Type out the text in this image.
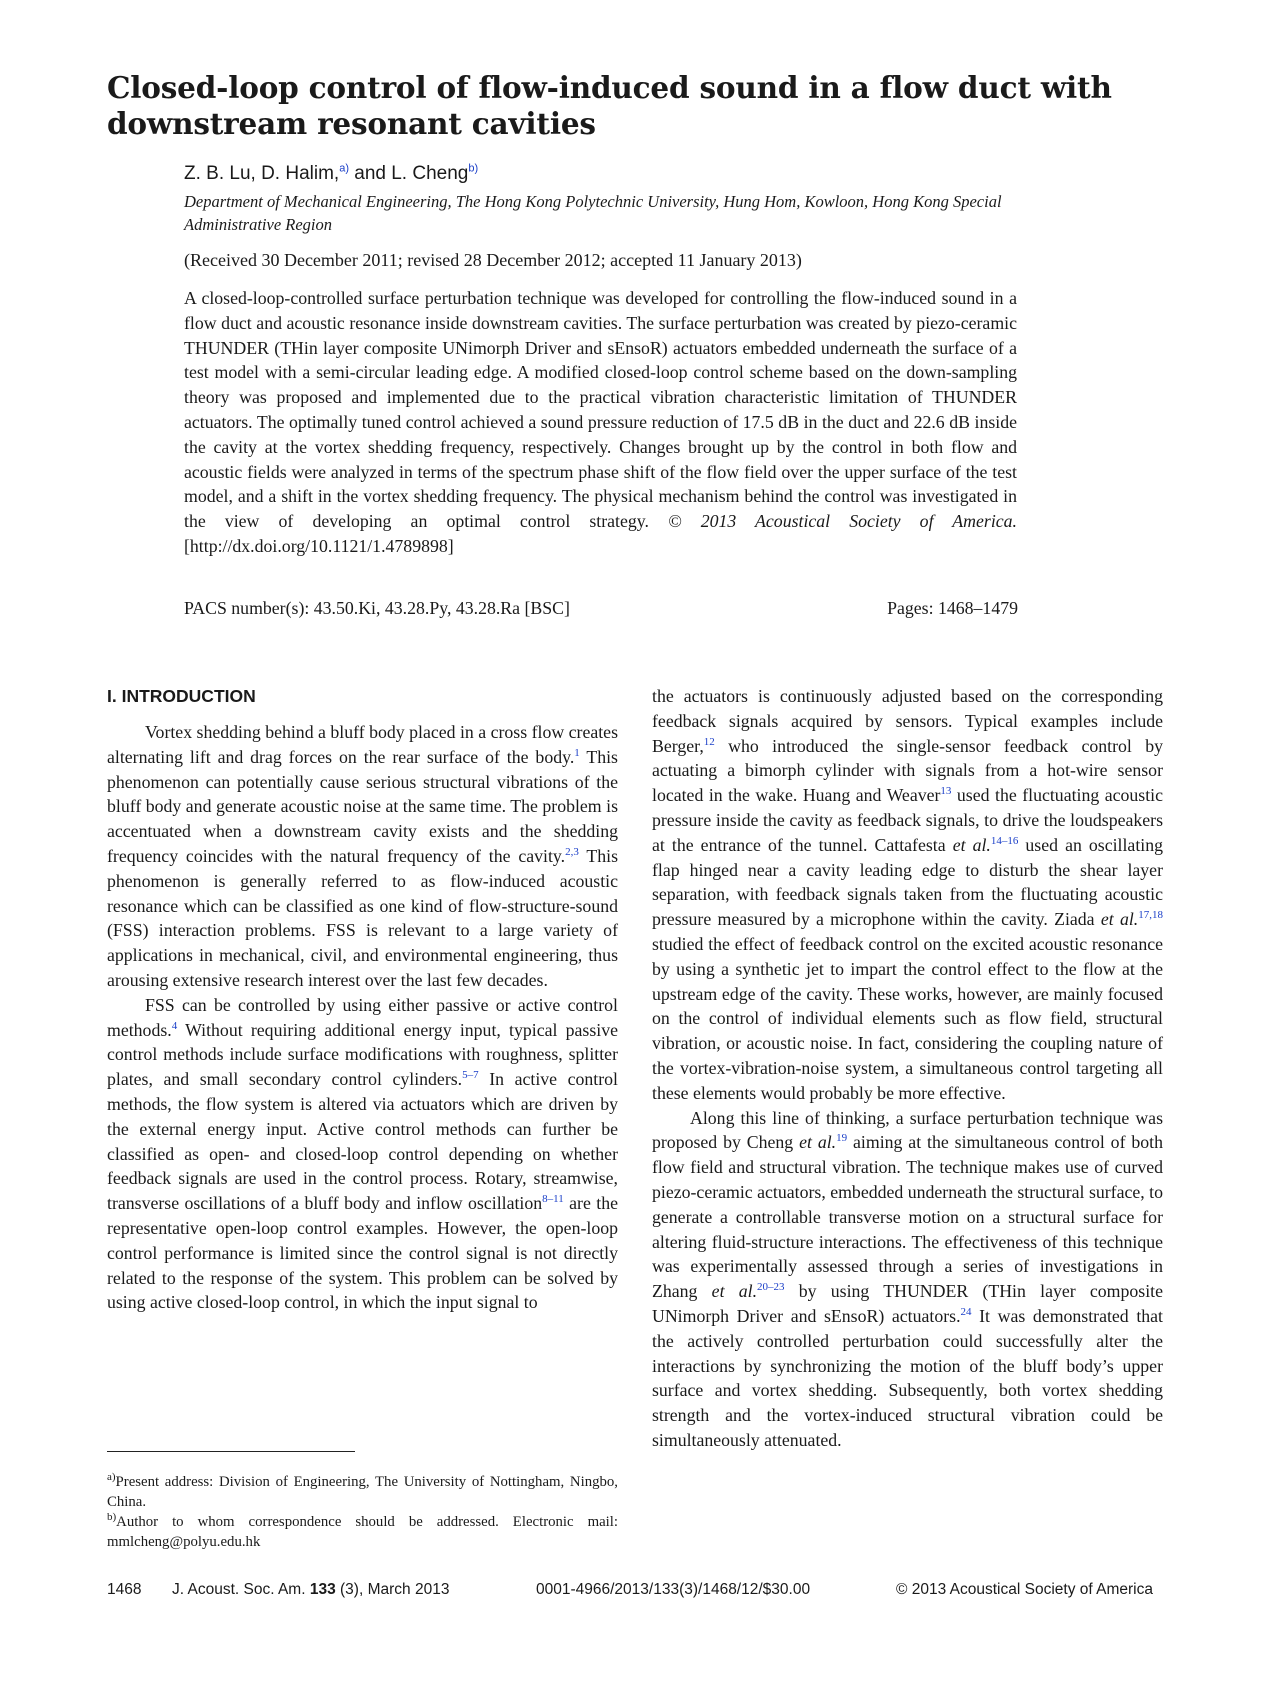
Closed-loop control of flow-induced sound in a flow duct with downstream resonant cavities
Z. B. Lu, D. Halim,$^{a)}$ and L. Cheng$^{b)}$
Department of Mechanical Engineering, The Hong Kong Polytechnic University, Hung Hom, Kowloon, Hong Kong Special Administrative Region
(Received 30 December 2011; revised 28 December 2012; accepted 11 January 2013)
A closed-loop-controlled surface perturbation technique was developed for controlling the flow-induced sound in a flow duct and acoustic resonance inside downstream cavities. The surface perturbation was created by piezo-ceramic THUNDER (THin layer composite UNimorph Driver and sEnsoR) actuators embedded underneath the surface of a test model with a semi-circular leading edge. A modified closed-loop control scheme based on the down-sampling theory was proposed and implemented due to the practical vibration characteristic limitation of THUNDER actuators. The optimally tuned control achieved a sound pressure reduction of 17.5 dB in the duct and 22.6 dB inside the cavity at the vortex shedding frequency, respectively. Changes brought up by the control in both flow and acoustic fields were analyzed in terms of the spectrum phase shift of the flow field over the upper surface of the test model, and a shift in the vortex shedding frequency. The physical mechanism behind the control was investigated in the view of developing an optimal control strategy. © 2013 Acoustical Society of America. [http://dx.doi.org/10.1121/1.4789898]
PACS number(s): 43.50.Ki, 43.28.Py, 43.28.Ra [BSC]	Pages: 1468–1479
I. INTRODUCTION

Vortex shedding behind a bluff body placed in a cross flow creates alternating lift and drag forces on the rear surface of the body.$^1$ This phenomenon can potentially cause serious structural vibrations of the bluff body and generate acoustic noise at the same time. The problem is accentuated when a downstream cavity exists and the shedding frequency coincides with the natural frequency of the cavity.$^{2,3}$ This phenomenon is generally referred to as flow-induced acoustic resonance which can be classified as one kind of flow-structure-sound (FSS) interaction problems. FSS is relevant to a large variety of applications in mechanical, civil, and environmental engineering, thus arousing extensive research interest over the last few decades.

FSS can be controlled by using either passive or active control methods.$^4$ Without requiring additional energy input, typical passive control methods include surface modifications with roughness, splitter plates, and small secondary control cylinders.$^{5-7}$ In active control methods, the flow system is altered via actuators which are driven by the external energy input. Active control methods can further be classified as open- and closed-loop control depending on whether feedback signals are used in the control process. Rotary, streamwise, transverse oscillations of a bluff body and inflow oscillation$^{8-11}$ are the representative open-loop control examples. However, the open-loop control performance is limited since the control signal is not directly related to the response of the system. This problem can be solved by using active closed-loop control, in which the input signal to

the actuators is continuously adjusted based on the corresponding feedback signals acquired by sensors. Typical examples include Berger,$^{12}$ who introduced the single-sensor feedback control by actuating a bimorph cylinder with signals from a hot-wire sensor located in the wake. Huang and Weaver$^{13}$ used the fluctuating acoustic pressure inside the cavity as feedback signals, to drive the loudspeakers at the entrance of the tunnel. Cattafesta et al.$^{14-16}$ used an oscillating flap hinged near a cavity leading edge to disturb the shear layer separation, with feedback signals taken from the fluctuating acoustic pressure measured by a microphone within the cavity. Ziada et al.$^{17,18}$ studied the effect of feedback control on the excited acoustic resonance by using a synthetic jet to impart the control effect to the flow at the upstream edge of the cavity. These works, however, are mainly focused on the control of individual elements such as flow field, structural vibration, or acoustic noise. In fact, considering the coupling nature of the vortex-vibration-noise system, a simultaneous control targeting all these elements would probably be more effective.

Along this line of thinking, a surface perturbation technique was proposed by Cheng et al.$^{19}$ aiming at the simultaneous control of both flow field and structural vibration. The technique makes use of curved piezo-ceramic actuators, embedded underneath the structural surface, to generate a controllable transverse motion on a structural surface for altering fluid-structure interactions. The effectiveness of this technique was experimentally assessed through a series of investigations in Zhang et al.$^{20-23}$ by using THUNDER (THin layer composite UNimorph Driver and sEnsoR) actuators.$^{24}$ It was demonstrated that the actively controlled perturbation could successfully alter the interactions by synchronizing the motion of the bluff body’s upper surface and vortex shedding. Subsequently, both vortex shedding strength and the vortex-induced structural vibration could be simultaneously attenuated.

$^{a)}$Present address: Division of Engineering, The University of Nottingham, Ningbo, China.

$^{b)}$Author to whom correspondence should be addressed. Electronic mail: mmlcheng@polyu.edu.hk

1468 J. Acoust. Soc. Am. 133 (3), March 2013	0001-4966/2013/133(3)/1468/12/$30.00	© 2013 Acoustical Society of America
